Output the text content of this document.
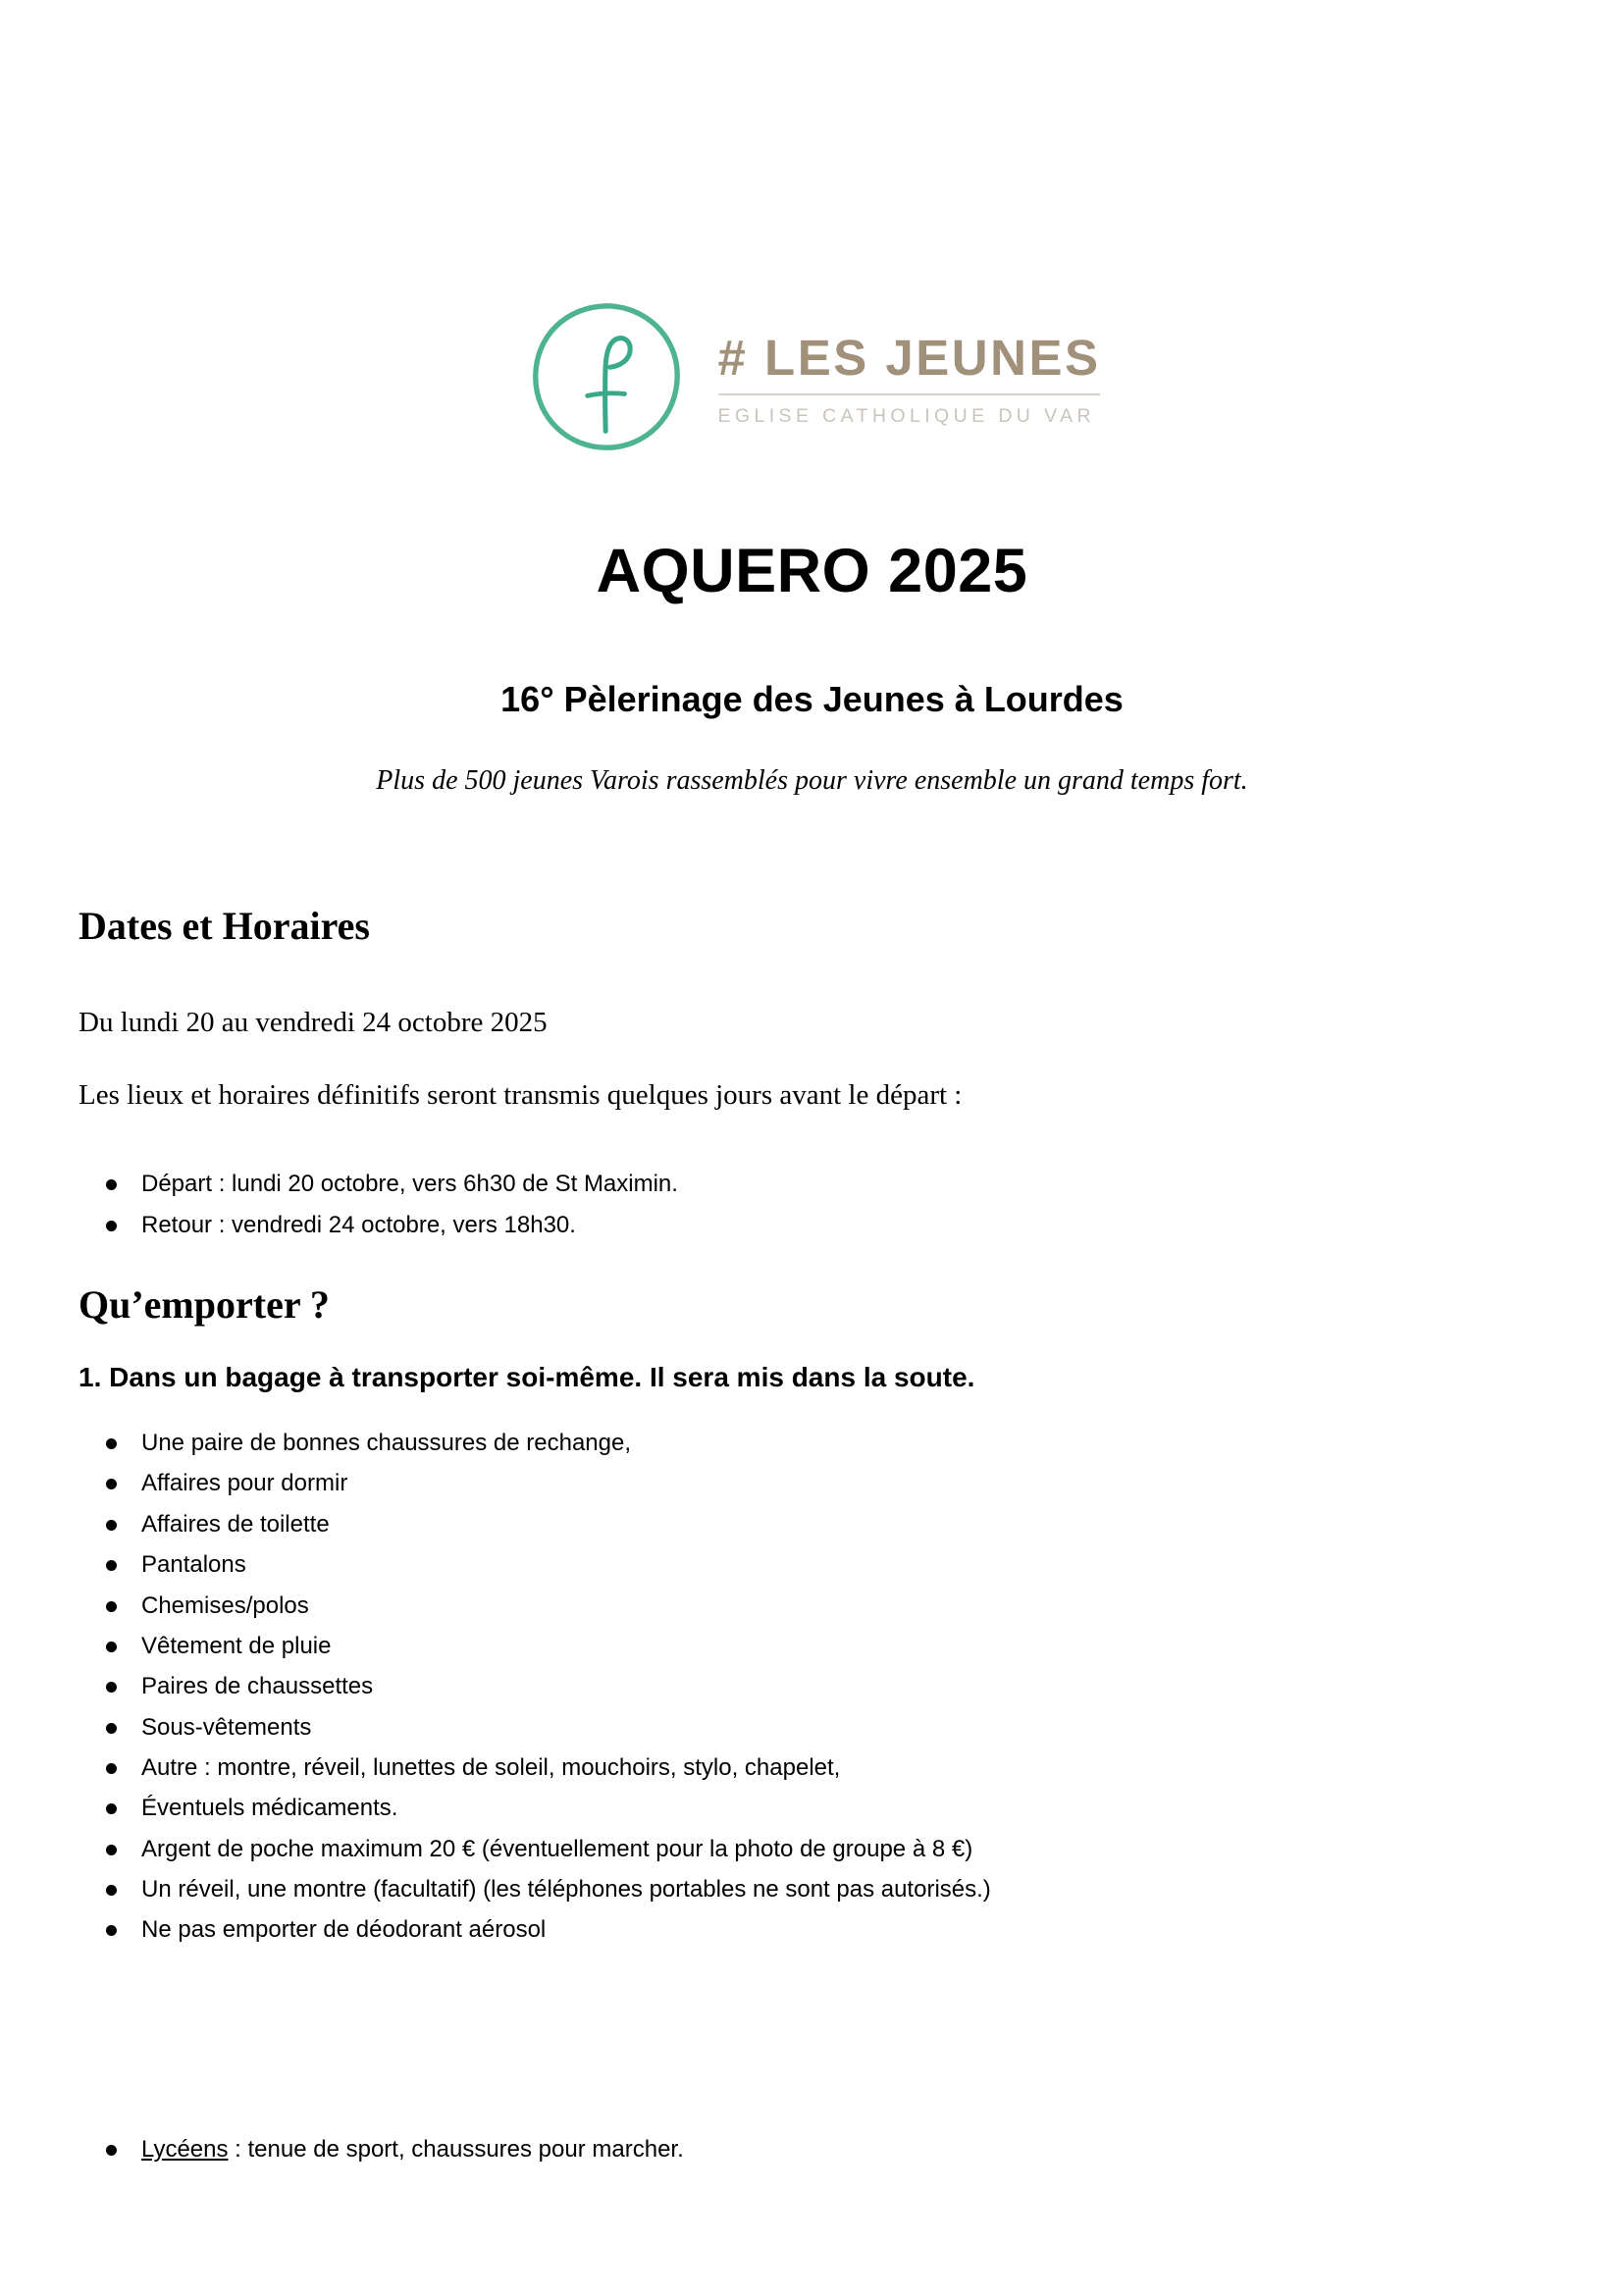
# LES JEUNES
EGLISE CATHOLIQUE DU VAR
AQUERO 2025
16° Pèlerinage des Jeunes à Lourdes
Plus de 500 jeunes Varois rassemblés pour vivre ensemble un grand temps fort.
Dates et Horaires

Du lundi 20 au vendredi 24 octobre 2025

Les lieux et horaires définitifs seront transmis quelques jours avant le départ :

Départ : lundi 20 octobre, vers 6h30 de St Maximin.
Retour : vendredi 24 octobre, vers 18h30.
Qu’emporter ?
1. Dans un bagage à transporter soi-même. Il sera mis dans la soute.
Une paire de bonnes chaussures de rechange,
Affaires pour dormir
Affaires de toilette
Pantalons
Chemises/polos
Vêtement de pluie
Paires de chaussettes
Sous-vêtements
Autre : montre, réveil, lunettes de soleil, mouchoirs, stylo, chapelet,
Éventuels médicaments.
Argent de poche maximum 20 € (éventuellement pour la photo de groupe à 8 €)
Un réveil, une montre (facultatif) (les téléphones portables ne sont pas autorisés.)
Ne pas emporter de déodorant aérosol
Lycéens : tenue de sport, chaussures pour marcher.
